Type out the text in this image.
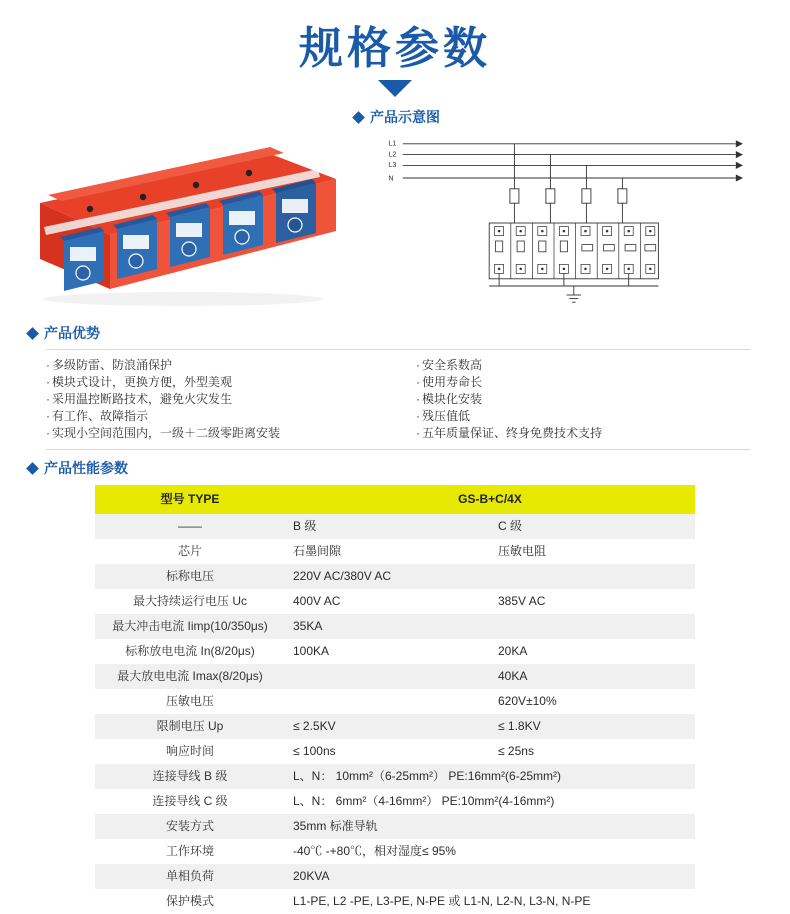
规格参数
产品示意图
L1
L2
L3
N
产品优势
· 多级防雷、防浪涌保护
· 模块式设计，更换方便，外型美观
· 采用温控断路技术，避免火灾发生
· 有工作、故障指示
· 实现小空间范围内，一级＋二级零距离安装
· 安全系数高
· 使用寿命长
· 模块化安装
· 残压值低
· 五年质量保证、终身免费技术支持
产品性能参数
型号 TYPE	GS-B+C/4X	
——	B 级	C 级
芯片	石墨间隙	压敏电阻
标称电压	220V AC/380V AC	
最大持续运行电压 Uc	400V AC	385V AC
最大冲击电流 Iimp(10/350μs)	35KA	
标称放电电流 In(8/20μs)	100KA	20KA
最大放电电流 Imax(8/20μs)		40KA
压敏电压		620V±10%
限制电压 Up	≤ 2.5KV	≤ 1.8KV
响应时间	≤ 100ns	≤ 25ns
连接导线 B 级	L、N： 10mm²（6-25mm²） PE:16mm²(6-25mm²)	
连接导线 C 级	L、N： 6mm²（4-16mm²） PE:10mm²(4-16mm²)	
安装方式	35mm 标准导轨	
工作环境	-40℃ -+80℃，相对湿度≤ 95%	
单相负荷	20KVA	
保护模式	L1-PE, L2 -PE, L3-PE, N-PE 或 L1-N, L2-N, L3-N, N-PE	
